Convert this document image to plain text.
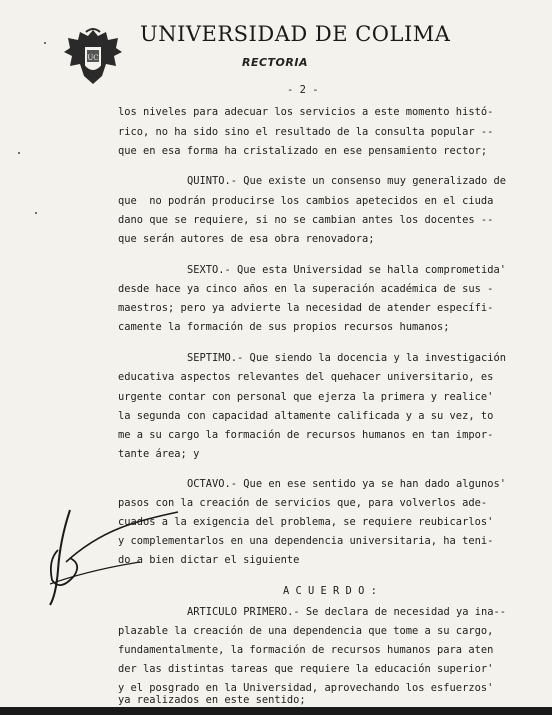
UC
UNIVERSIDAD DE COLIMA
RECTORIA
- 2 -
los niveles para adecuar los servicios a este momento histó-
rico, no ha sido sino el resultado de la consulta popular --
que en esa forma ha cristalizado en ese pensamiento rector;
QUINTO.- Que existe un consenso muy generalizado de
que  no podrán producirse los cambios apetecidos en el ciuda
dano que se requiere, si no se cambian antes los docentes --
que serán autores de esa obra renovadora;
SEXTO.- Que esta Universidad se halla comprometida'
desde hace ya cinco años en la superación académica de sus -
maestros; pero ya advierte la necesidad de atender específi-
camente la formación de sus propios recursos humanos;
SEPTIMO.- Que siendo la docencia y la investigación
educativa aspectos relevantes del quehacer universitario, es
urgente contar con personal que ejerza la primera y realice'
la segunda con capacidad altamente calificada y a su vez, to
me a su cargo la formación de recursos humanos en tan impor-
tante área; y
OCTAVO.- Que en ese sentido ya se han dado algunos'
pasos con la creación de servicios que, para volverlos ade-
cuados a la exigencia del problema, se requiere reubicarlos'
y complementarlos en una dependencia universitaria, ha teni-
do a bien dictar el siguiente
A C U E R D O :
ARTICULO PRIMERO.- Se declara de necesidad ya ina--
plazable la creación de una dependencia que tome a su cargo,
fundamentalmente, la formación de recursos humanos para aten
der las distintas tareas que requiere la educación superior'
y el posgrado en la Universidad, aprovechando los esfuerzos'
ya realizados en este sentido;
